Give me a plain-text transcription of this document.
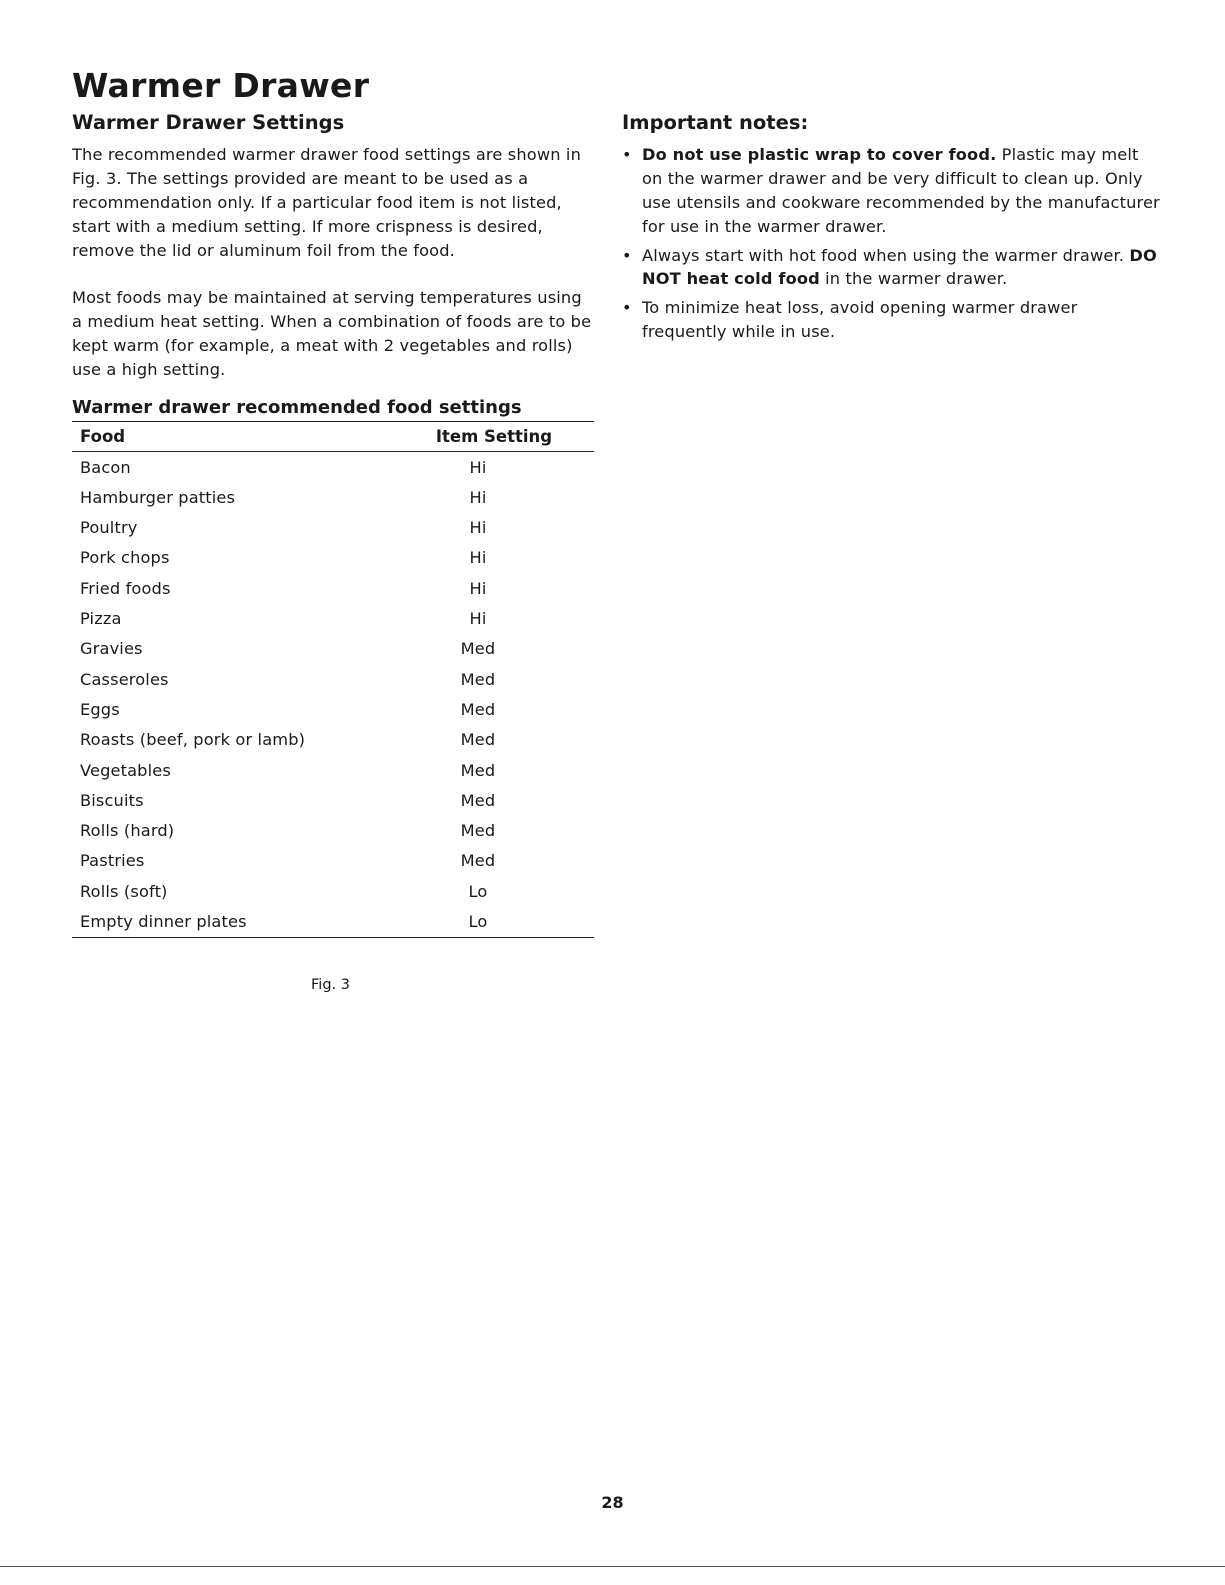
Warmer Drawer
Warmer Drawer Settings

The recommended warmer drawer food settings are shown in Fig. 3. The settings provided are meant to be used as a recommendation only. If a particular food item is not listed, start with a medium setting. If more crispness is desired, remove the lid or aluminum foil from the food.

Most foods may be maintained at serving temperatures using a medium heat setting. When a combination of foods are to be kept warm (for example, a meat with 2 vegetables and rolls) use a high setting.

Warmer drawer recommended food settings
Food	Item Setting
Bacon	Hi
Hamburger patties	Hi
Poultry	Hi
Pork chops	Hi
Fried foods	Hi
Pizza	Hi
Gravies	Med
Casseroles	Med
Eggs	Med
Roasts (beef, pork or lamb)	Med
Vegetables	Med
Biscuits	Med
Rolls (hard)	Med
Pastries	Med
Rolls (soft)	Lo
Empty dinner plates	Lo

Fig. 3

Important notes:
• Do not use plastic wrap to cover food. Plastic may melt on the warmer drawer and be very difficult to clean up. Only use utensils and cookware recommended by the manufacturer for use in the warmer drawer.
• Always start with hot food when using the warmer drawer. DO NOT heat cold food in the warmer drawer.
• To minimize heat loss, avoid opening warmer drawer frequently while in use.

28
